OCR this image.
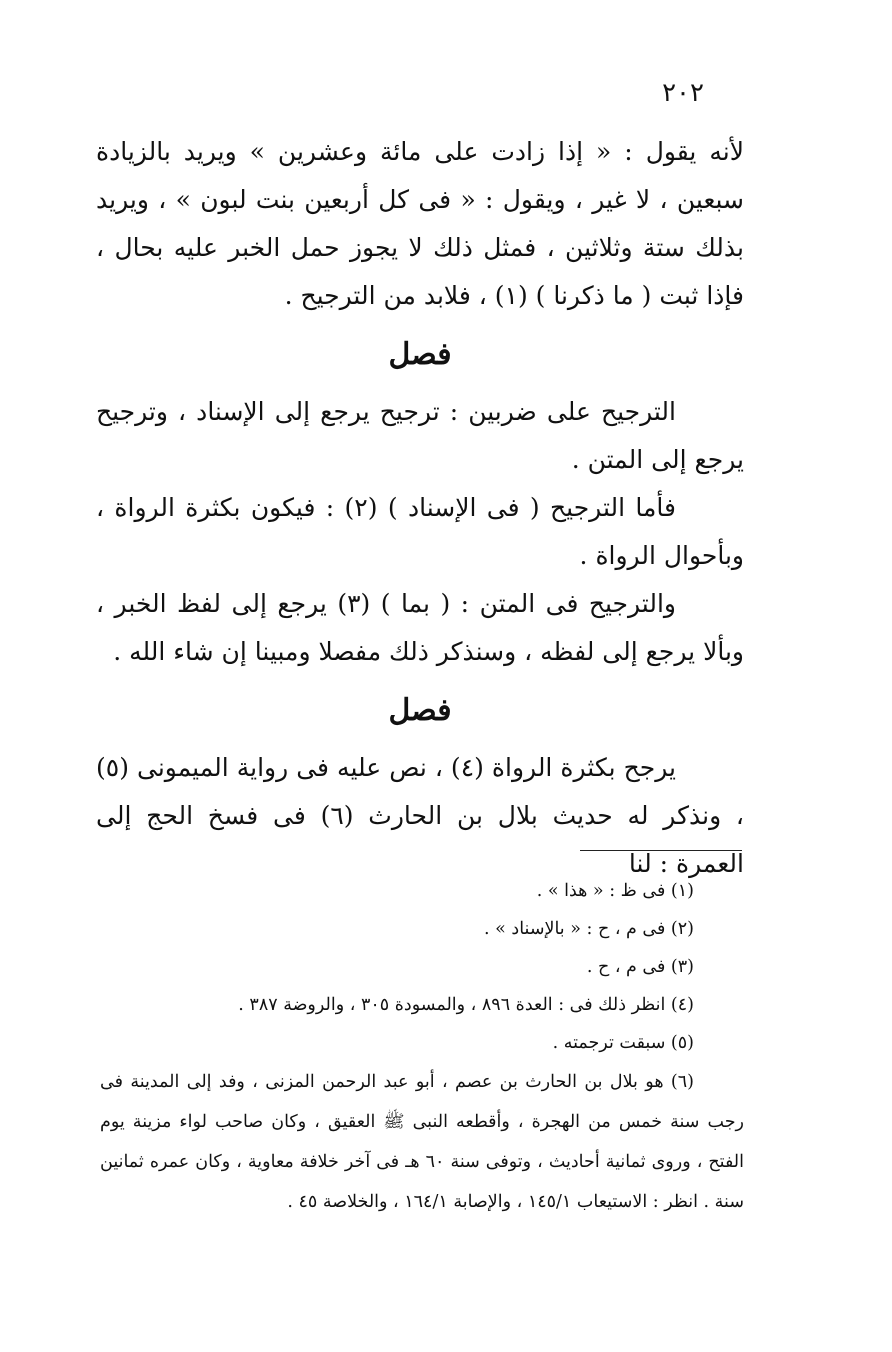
٢٠٢

لأنه يقول : « إذا زادت على مائة وعشرين » ويريد بالزيادة سبعين ، لا غير ، ويقول : « فى كل أربعين بنت لبون » ، ويريد بذلك ستة وثلاثين ، فمثل ذلك لا يجوز حمل الخبر عليه بحال ، فإذا ثبت ( ما ذكرنا ) (١) ، فلابد من الترجيح .

فصل

الترجيح على ضربين : ترجيح يرجع إلى الإسناد ، وترجيح يرجع إلى المتن .

فأما الترجيح ( فى الإسناد ) (٢) : فيكون بكثرة الرواة ، وبأحوال الرواة .

والترجيح فى المتن : ( بما ) (٣) يرجع إلى لفظ الخبر ، وبألا يرجع إلى لفظه ، وسنذكر ذلك مفصلا ومبينا إن شاء الله .

فصل

يرجح بكثرة الرواة (٤) ، نص عليه فى رواية الميمونى (٥) ، ونذكر له حديث بلال بن الحارث (٦) فى فسخ الحج إلى العمرة : لنا

(١) فى ظ : « هذا » .

(٢) فى م ، ح : « بالإسناد » .

(٣) فى م ، ح .

(٤) انظر ذلك فى : العدة ٨٩٦ ، والمسودة ٣٠٥ ، والروضة ٣٨٧ .

(٥) سبقت ترجمته .

(٦) هو بلال بن الحارث بن عصم ، أبو عبد الرحمن المزنى ، وفد إلى المدينة فى رجب سنة خمس من الهجرة ، وأقطعه النبى ﷺ العقيق ، وكان صاحب لواء مزينة يوم الفتح ، وروى ثمانية أحاديث ، وتوفى سنة ٦٠ هـ فى آخر خلافة معاوية ، وكان عمره ثمانين سنة . انظر : الاستيعاب ١٤٥/١ ، والإصابة ١٦٤/١ ، والخلاصة ٤٥ .
